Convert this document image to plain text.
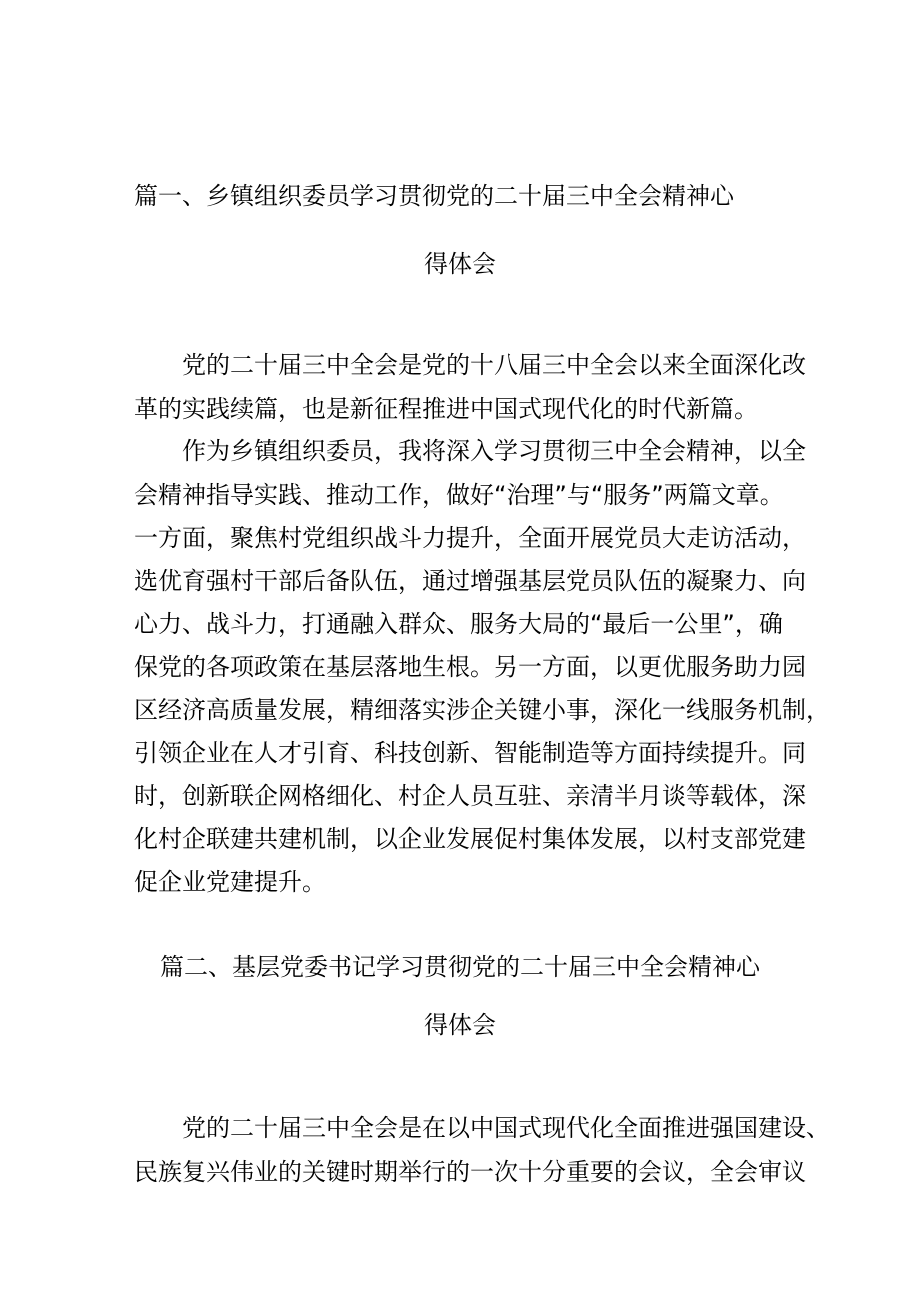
篇一、乡镇组织委员学习贯彻党的二十届三中全会精神心
得体会
党的二十届三中全会是党的十八届三中全会以来全面深化改
革的实践续篇，也是新征程推进中国式现代化的时代新篇。
作为乡镇组织委员，我将深入学习贯彻三中全会精神，以全
会精神指导实践、推动工作，做好“治理”与“服务”两篇文章。
一方面，聚焦村党组织战斗力提升，全面开展党员大走访活动，
选优育强村干部后备队伍，通过增强基层党员队伍的凝聚力、向
心力、战斗力，打通融入群众、服务大局的“最后一公里”，确
保党的各项政策在基层落地生根。另一方面，以更优服务助力园
区经济高质量发展，精细落实涉企关键小事，深化一线服务机制，
引领企业在人才引育、科技创新、智能制造等方面持续提升。同
时，创新联企网格细化、村企人员互驻、亲清半月谈等载体，深
化村企联建共建机制，以企业发展促村集体发展，以村支部党建
促企业党建提升。
篇二、基层党委书记学习贯彻党的二十届三中全会精神心
得体会
党的二十届三中全会是在以中国式现代化全面推进强国建设、
民族复兴伟业的关键时期举行的一次十分重要的会议，全会审议
